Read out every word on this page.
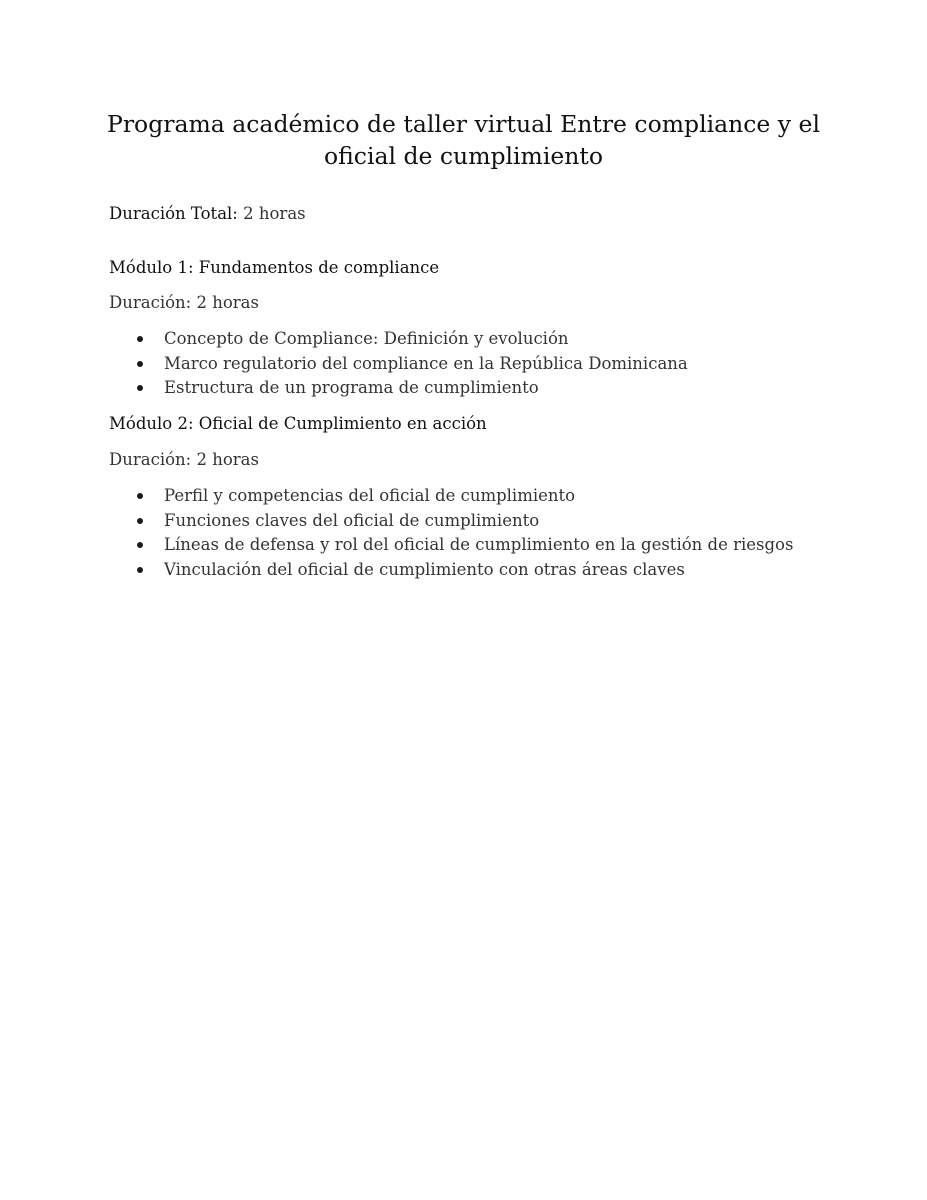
Programa académico de taller virtual Entre compliance y el oficial de cumplimiento

Duración Total: 2 horas

Módulo 1: Fundamentos de compliance

Duración: 2 horas

Concepto de Compliance: Definición y evolución
Marco regulatorio del compliance en la República Dominicana
Estructura de un programa de cumplimiento
Módulo 2: Oficial de Cumplimiento en acción

Duración: 2 horas

Perfil y competencias del oficial de cumplimiento
Funciones claves del oficial de cumplimiento
Líneas de defensa y rol del oficial de cumplimiento en la gestión de riesgos
Vinculación del oficial de cumplimiento con otras áreas claves
